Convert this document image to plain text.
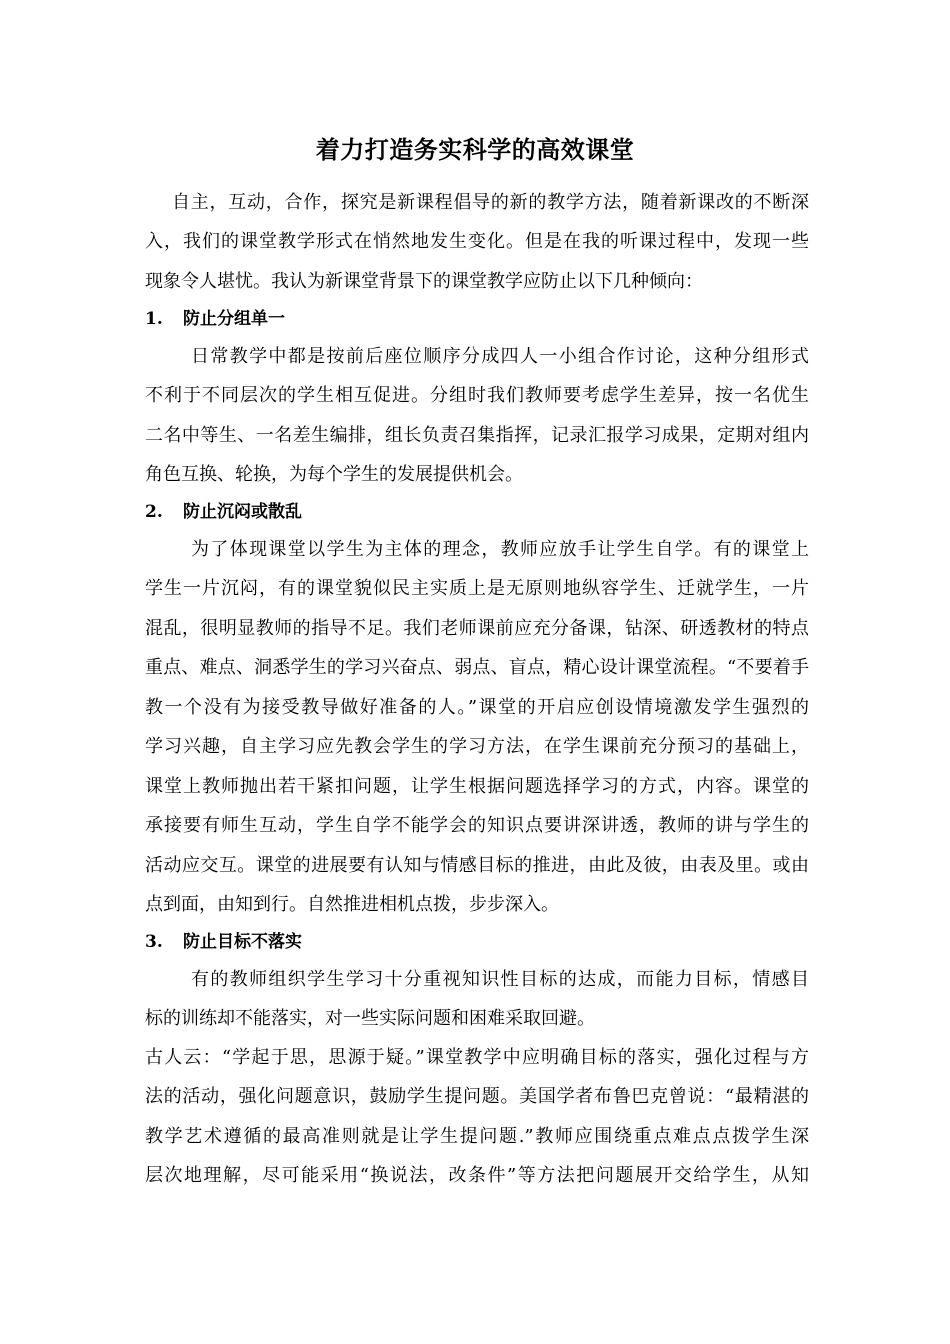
着力打造务实科学的高效课堂
自主，互动，合作，探究是新课程倡导的新的教学方法，随着新课改的不断深
入，我们的课堂教学形式在悄然地发生变化。但是在我的听课过程中，发现一些
现象令人堪忧。我认为新课堂背景下的课堂教学应防止以下几种倾向：
1. 防止分组单一
日常教学中都是按前后座位顺序分成四人一小组合作讨论，这种分组形式
不利于不同层次的学生相互促进。分组时我们教师要考虑学生差异，按一名优生
二名中等生、一名差生编排，组长负责召集指挥，记录汇报学习成果，定期对组内
角色互换、轮换，为每个学生的发展提供机会。
2. 防止沉闷或散乱
为了体现课堂以学生为主体的理念，教师应放手让学生自学。有的课堂上
学生一片沉闷，有的课堂貌似民主实质上是无原则地纵容学生、迁就学生，一片
混乱，很明显教师的指导不足。我们老师课前应充分备课，钻深、研透教材的特点
重点、难点、洞悉学生的学习兴奋点、弱点、盲点，精心设计课堂流程。“不要着手
教一个没有为接受教导做好准备的人。”课堂的开启应创设情境激发学生强烈的
学习兴趣，自主学习应先教会学生的学习方法，在学生课前充分预习的基础上，
课堂上教师抛出若干紧扣问题，让学生根据问题选择学习的方式，内容。课堂的
承接要有师生互动，学生自学不能学会的知识点要讲深讲透，教师的讲与学生的
活动应交互。课堂的进展要有认知与情感目标的推进，由此及彼，由表及里。或由
点到面，由知到行。自然推进相机点拨，步步深入。
3. 防止目标不落实
有的教师组织学生学习十分重视知识性目标的达成，而能力目标，情感目
标的训练却不能落实，对一些实际问题和困难采取回避。
古人云：“学起于思，思源于疑。”课堂教学中应明确目标的落实，强化过程与方
法的活动，强化问题意识，鼓励学生提问题。美国学者布鲁巴克曾说：“最精湛的
教学艺术遵循的最高准则就是让学生提问题.”教师应围绕重点难点点拨学生深
层次地理解，尽可能采用“换说法，改条件”等方法把问题展开交给学生，从知
